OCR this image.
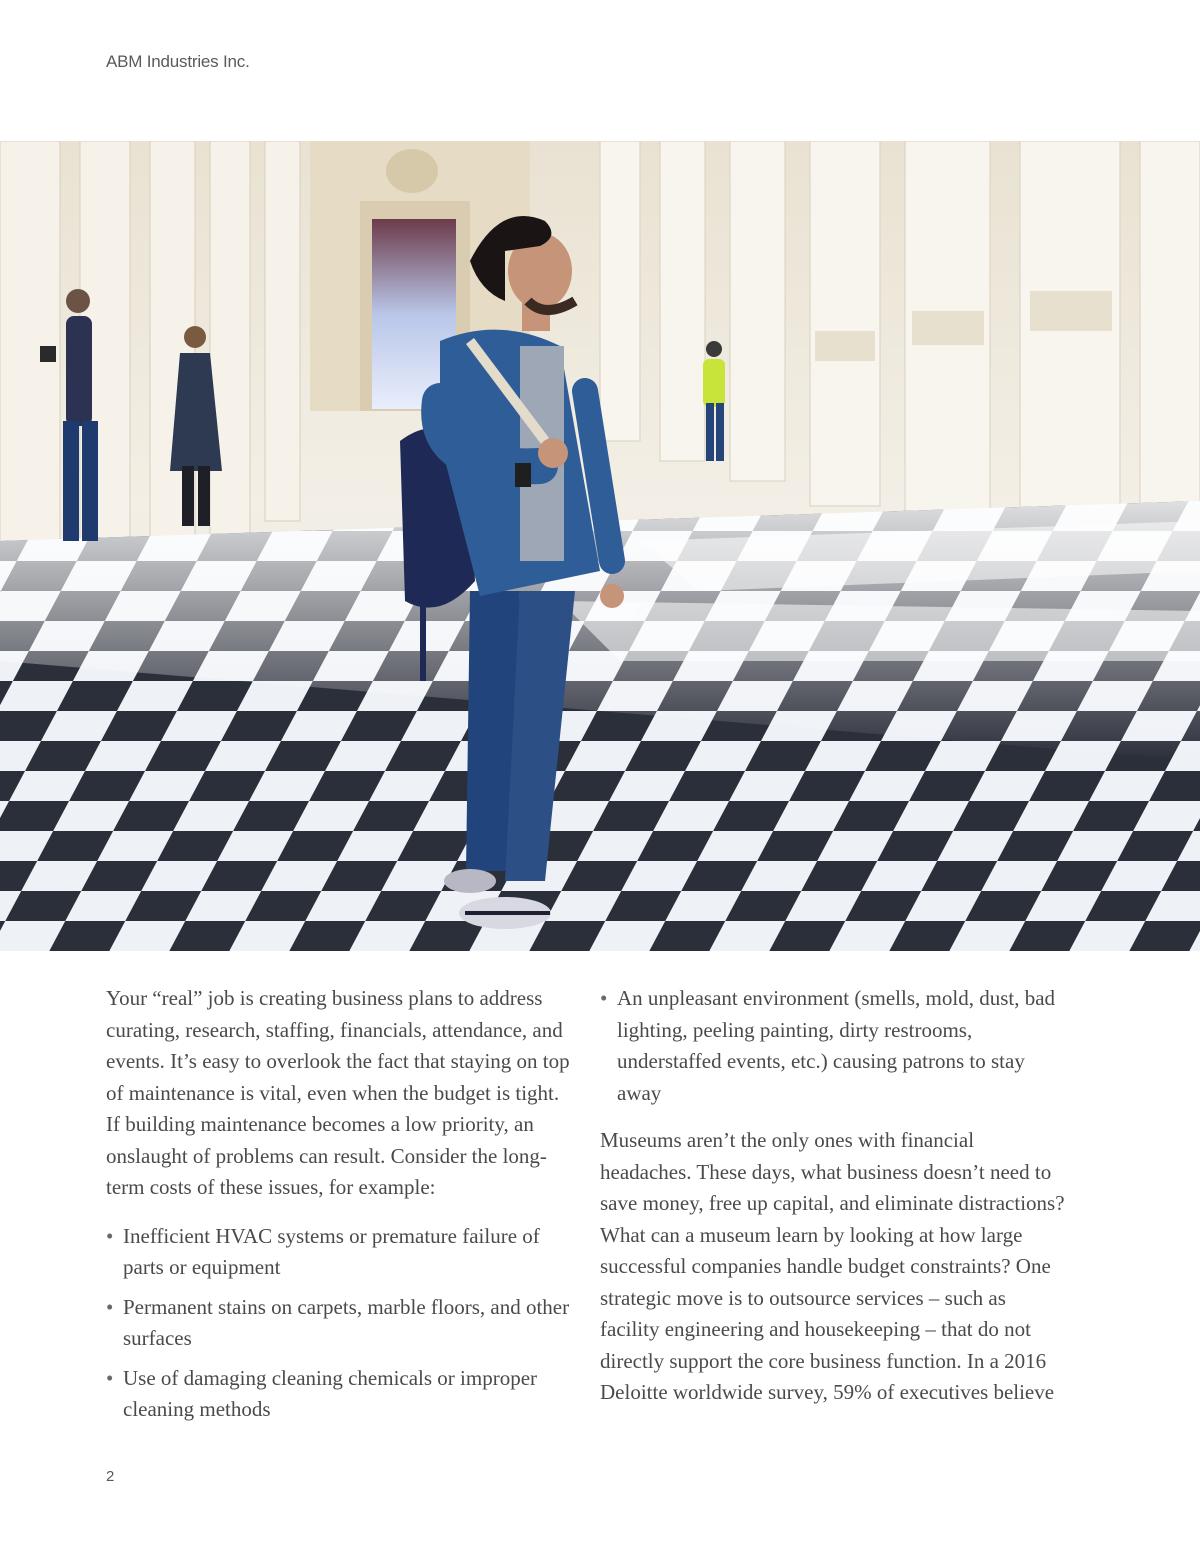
ABM Industries Inc.

Your “real” job is creating business plans to address curating, research, staffing, financials, attendance, and events. It’s easy to overlook the fact that staying on top of maintenance is vital, even when the budget is tight. If building maintenance becomes a low priority, an onslaught of problems can result. Consider the long-term costs of these issues, for example:

• Inefficient HVAC systems or premature failure of parts or equipment
• Permanent stains on carpets, marble floors, and other surfaces
• Use of damaging cleaning chemicals or improper cleaning methods
• An unpleasant environment (smells, mold, dust, bad lighting, peeling painting, dirty restrooms, understaffed events, etc.) causing patrons to stay away

Museums aren’t the only ones with financial headaches. These days, what business doesn’t need to save money, free up capital, and eliminate distractions? What can a museum learn by looking at how large successful companies handle budget constraints? One strategic move is to outsource services – such as facility engineering and housekeeping – that do not directly support the core business function. In a 2016 Deloitte worldwide survey, 59% of executives believe

2
